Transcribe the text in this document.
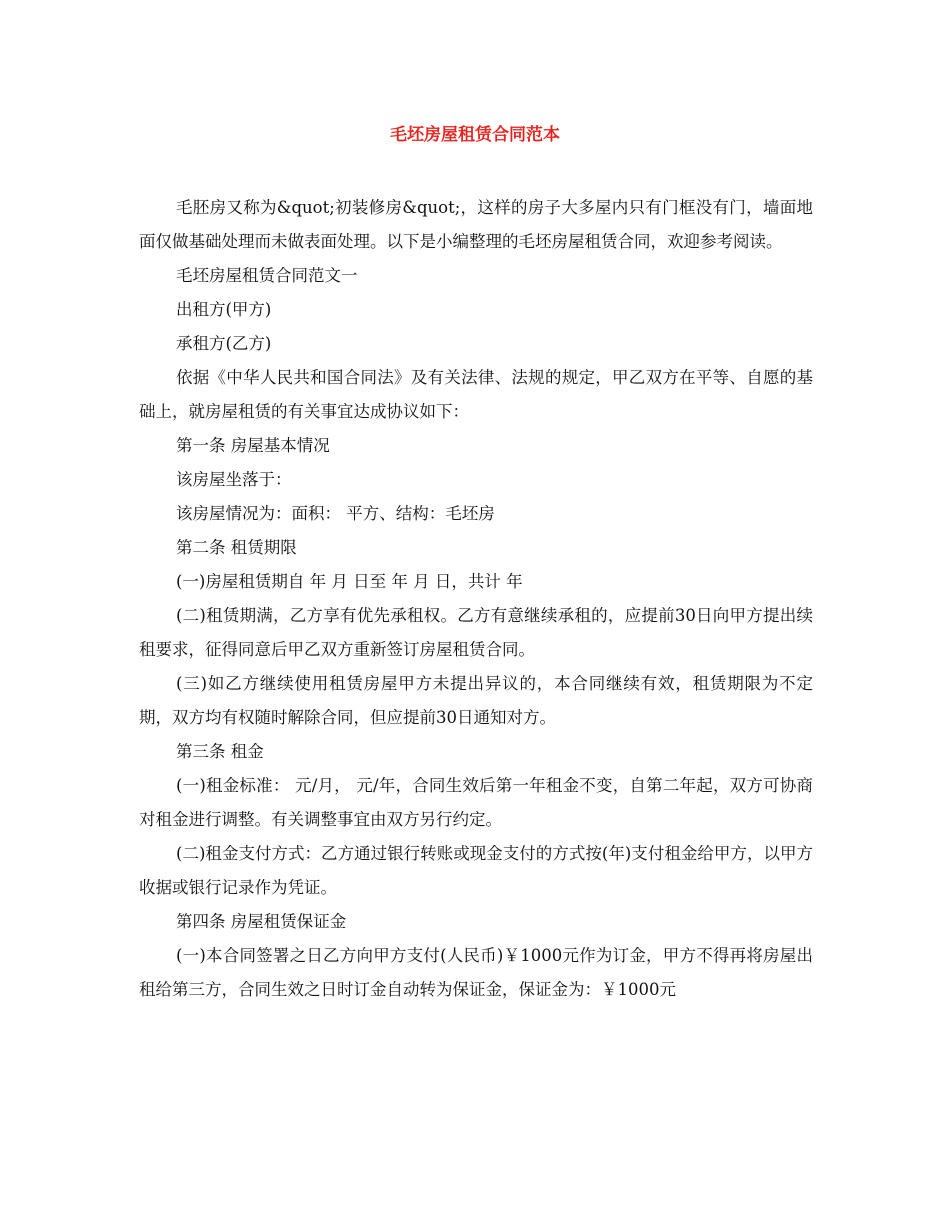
毛坯房屋租赁合同范本

毛胚房又称为&quot;初装修房&quot;，这样的房子大多屋内只有门框没有门，墙面地面仅做基础处理而未做表面处理。以下是小编整理的毛坯房屋租赁合同，欢迎参考阅读。

毛坯房屋租赁合同范文一

出租方(甲方)

承租方(乙方)

依据《中华人民共和国合同法》及有关法律、法规的规定，甲乙双方在平等、自愿的基础上，就房屋租赁的有关事宜达成协议如下：

第一条 房屋基本情况

该房屋坐落于：

该房屋情况为：面积： 平方、结构：毛坯房

第二条 租赁期限

(一)房屋租赁期自 年 月 日至 年 月 日，共计 年

(二)租赁期满，乙方享有优先承租权。乙方有意继续承租的，应提前30日向甲方提出续租要求，征得同意后甲乙双方重新签订房屋租赁合同。

(三)如乙方继续使用租赁房屋甲方未提出异议的，本合同继续有效，租赁期限为不定期，双方均有权随时解除合同，但应提前30日通知对方。

第三条 租金

(一)租金标准： 元/月， 元/年，合同生效后第一年租金不变，自第二年起，双方可协商对租金进行调整。有关调整事宜由双方另行约定。

(二)租金支付方式：乙方通过银行转账或现金支付的方式按(年)支付租金给甲方，以甲方收据或银行记录作为凭证。

第四条 房屋租赁保证金

(一)本合同签署之日乙方向甲方支付(人民币)￥1000元作为订金，甲方不得再将房屋出租给第三方，合同生效之日时订金自动转为保证金，保证金为：￥1000元
